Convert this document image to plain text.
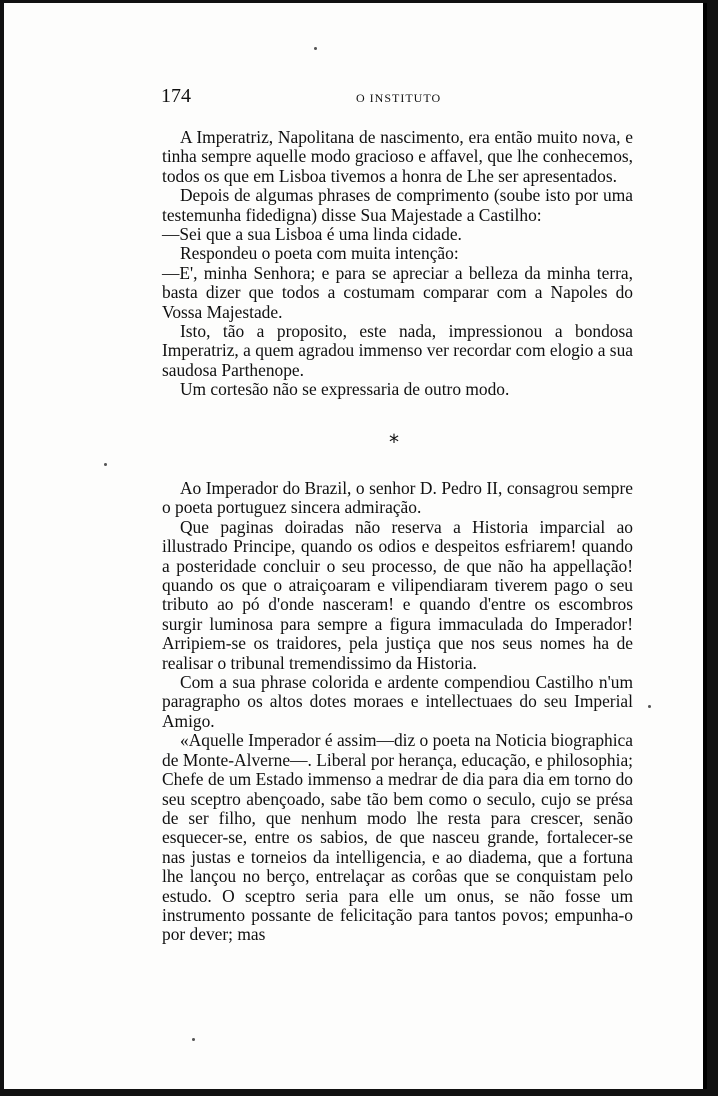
174	O INSTITUTO

A Imperatriz, Napolitana de nascimento, era então muito nova, e tinha sempre aquelle modo gracioso e affavel, que lhe conhecemos, todos os que em Lisboa tivemos a honra de Lhe ser apresentados.

Depois de algumas phrases de comprimento (soube isto por uma testemunha fidedigna) disse Sua Majestade a Castilho:

—Sei que a sua Lisboa é uma linda cidade.

Respondeu o poeta com muita intenção:

—E', minha Senhora; e para se apreciar a belleza da minha terra, basta dizer que todos a costumam comparar com a Napoles do Vossa Majestade.

Isto, tão a proposito, este nada, impressionou a bondosa Imperatriz, a quem agradou immenso ver recordar com elogio a sua saudosa Parthenope.

Um cortesão não se expressaria de outro modo.

*

Ao Imperador do Brazil, o senhor D. Pedro II, consagrou sempre o poeta portuguez sincera admiração.

Que paginas doiradas não reserva a Historia imparcial ao illustrado Principe, quando os odios e despeitos esfriarem! quando a posteridade concluir o seu processo, de que não ha appellação! quando os que o atraiçoaram e vilipendiaram tiverem pago o seu tributo ao pó d'onde nasceram! e quando d'entre os escombros surgir luminosa para sempre a figura immaculada do Imperador! Arripiem-se os traidores, pela justiça que nos seus nomes ha de realisar o tribunal tremendissimo da Historia.

Com a sua phrase colorida e ardente compendiou Castilho n'um paragrapho os altos dotes moraes e intellectuaes do seu Imperial Amigo.

«Aquelle Imperador é assim—diz o poeta na Noticia biographica de Monte-Alverne—. Liberal por herança, educação, e philosophia; Chefe de um Estado immenso a medrar de dia para dia em torno do seu sceptro abençoado, sabe tão bem como o seculo, cujo se présa de ser filho, que nenhum modo lhe resta para crescer, senão esquecer-se, entre os sabios, de que nasceu grande, fortalecer-se nas justas e torneios da intelligencia, e ao diadema, que a fortuna lhe lançou no berço, entrelaçar as corôas que se conquistam pelo estudo. O sceptro seria para elle um onus, se não fosse um instrumento possante de felicitação para tantos povos; empunha-o por dever; mas
